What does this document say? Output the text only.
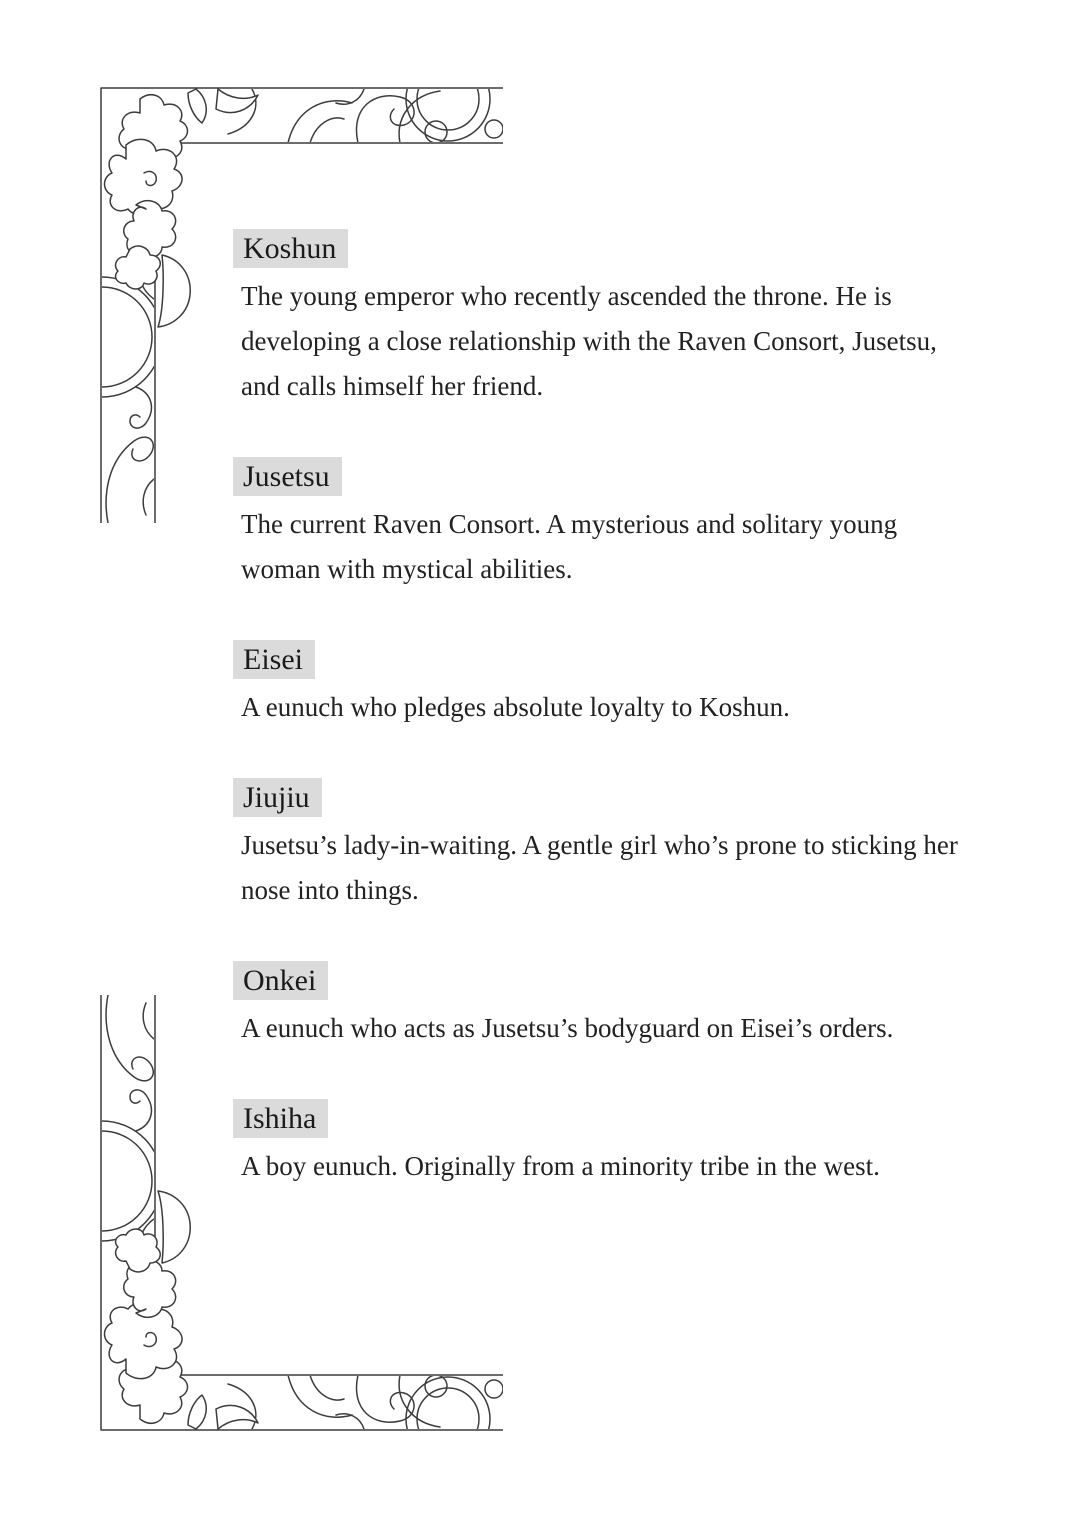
Koshun

The young emperor who recently ascended the throne. He is

developing a close relationship with the Raven Consort, Jusetsu,

and calls himself her friend.

Jusetsu

The current Raven Consort. A mysterious and solitary young

woman with mystical abilities.

Eisei

A eunuch who pledges absolute loyalty to Koshun.

Jiujiu

Jusetsu’s lady-in-waiting. A gentle girl who’s prone to sticking her

nose into things.

Onkei

A eunuch who acts as Jusetsu’s bodyguard on Eisei’s orders.

Ishiha

A boy eunuch. Originally from a minority tribe in the west.
